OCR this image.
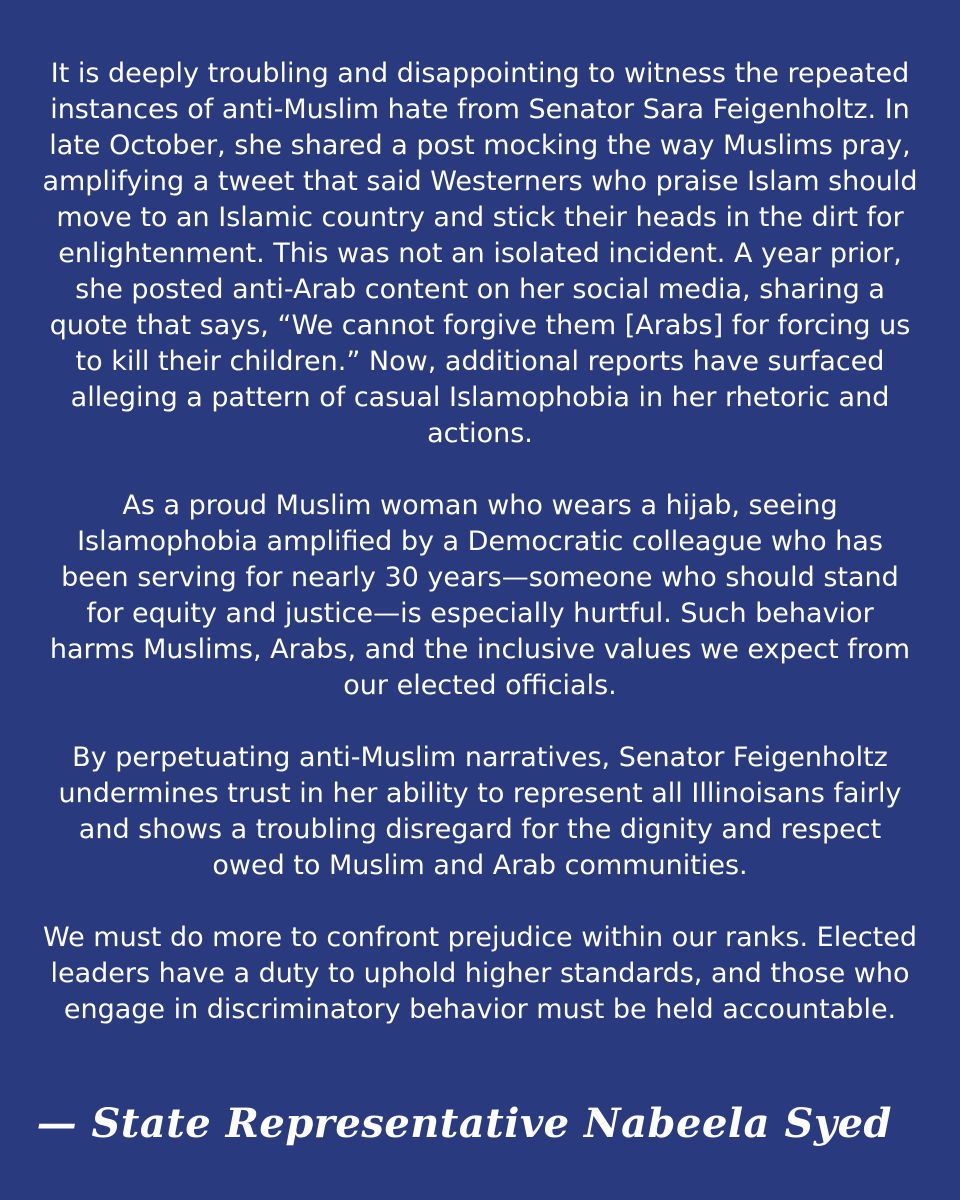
It is deeply troubling and disappointing to witness the repeated instances of anti-Muslim hate from Senator Sara Feigenholtz. In late October, she shared a post mocking the way Muslims pray, amplifying a tweet that said Westerners who praise Islam should move to an Islamic country and stick their heads in the dirt for enlightenment. This was not an isolated incident. A year prior, she posted anti-Arab content on her social media, sharing a quote that says, “We cannot forgive them [Arabs] for forcing us to kill their children.” Now, additional reports have surfaced alleging a pattern of casual Islamophobia in her rhetoric and actions.

As a proud Muslim woman who wears a hijab, seeing Islamophobia amplified by a Democratic colleague who has been serving for nearly 30 years—someone who should stand for equity and justice—is especially hurtful. Such behavior harms Muslims, Arabs, and the inclusive values we expect from our elected officials.

By perpetuating anti-Muslim narratives, Senator Feigenholtz undermines trust in her ability to represent all Illinoisans fairly and shows a troubling disregard for the dignity and respect owed to Muslim and Arab communities.

We must do more to confront prejudice within our ranks. Elected leaders have a duty to uphold higher standards, and those who engage in discriminatory behavior must be held accountable.

— State Representative Nabeela Syed
